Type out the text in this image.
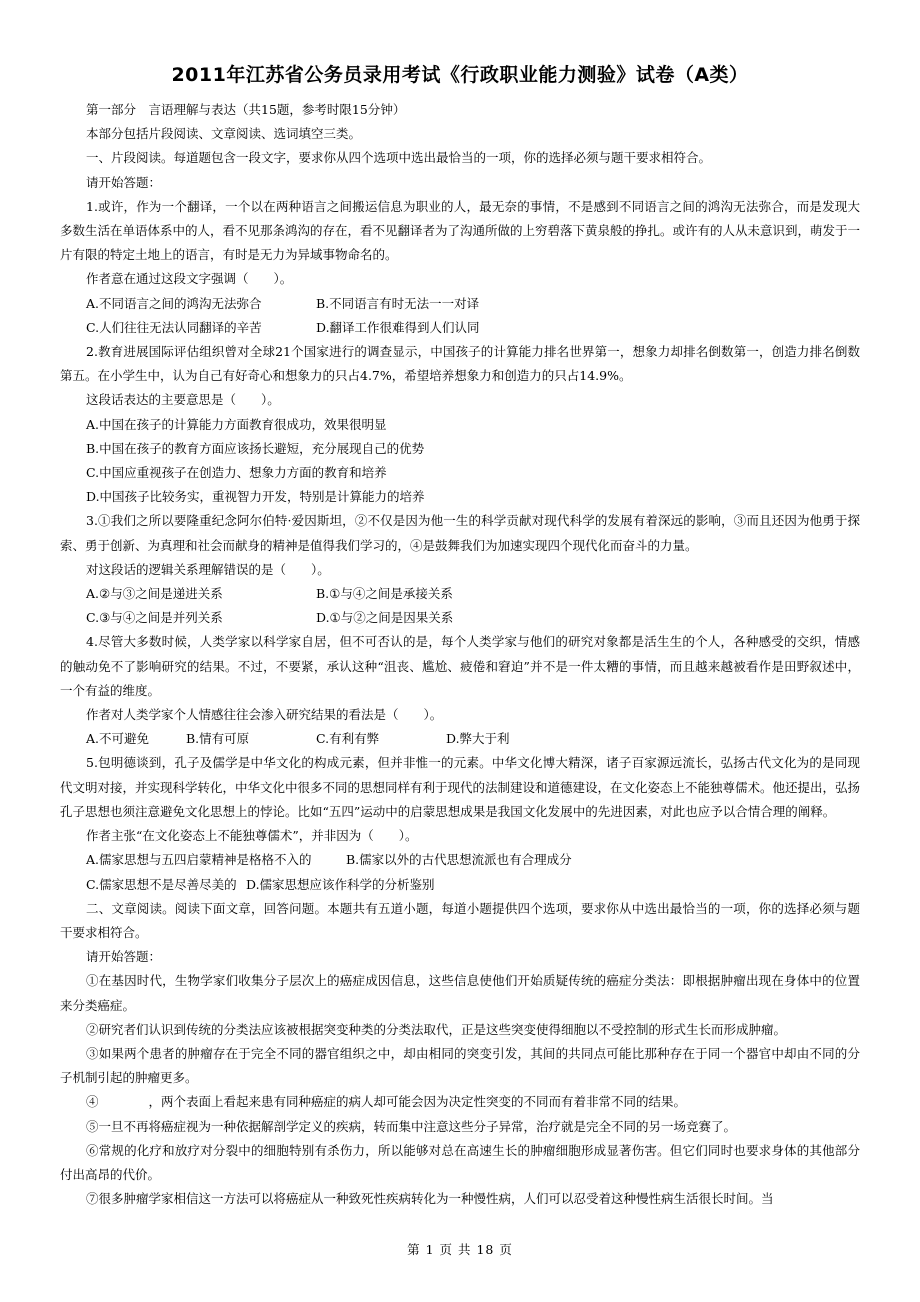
2011年江苏省公务员录用考试《行政职业能力测验》试卷（A类）

第一部分　言语理解与表达（共15题，参考时限15分钟）

本部分包括片段阅读、文章阅读、选词填空三类。

一、片段阅读。每道题包含一段文字，要求你从四个选项中选出最恰当的一项，你的选择必须与题干要求相符合。

请开始答题：

1.或许，作为一个翻译，一个以在两种语言之间搬运信息为职业的人，最无奈的事情，不是感到不同语言之间的鸿沟无法弥合，而是发现大多数生活在单语体系中的人，看不见那条鸿沟的存在，看不见翻译者为了沟通所做的上穷碧落下黄泉般的挣扎。或许有的人从未意识到，萌发于一片有限的特定土地上的语言，有时是无力为异域事物命名的。

作者意在通过这段文字强调（　　）。

A.不同语言之间的鸿沟无法弥合	B.不同语言有时无法一一对译
C.人们往往无法认同翻译的辛苦	D.翻译工作很难得到人们认同

2.教育进展国际评估组织曾对全球21个国家进行的调查显示，中国孩子的计算能力排名世界第一，想象力却排名倒数第一，创造力排名倒数第五。在小学生中，认为自己有好奇心和想象力的只占4.7%，希望培养想象力和创造力的只占14.9%。

这段话表达的主要意思是（　　）。

A.中国在孩子的计算能力方面教育很成功，效果很明显
B.中国在孩子的教育方面应该扬长避短，充分展现自己的优势
C.中国应重视孩子在创造力、想象力方面的教育和培养
D.中国孩子比较务实，重视智力开发，特别是计算能力的培养

3.①我们之所以要隆重纪念阿尔伯特·爱因斯坦，②不仅是因为他一生的科学贡献对现代科学的发展有着深远的影响，③而且还因为他勇于探索、勇于创新、为真理和社会而献身的精神是值得我们学习的，④是鼓舞我们为加速实现四个现代化而奋斗的力量。

对这段话的逻辑关系理解错误的是（　　）。

A.②与③之间是递进关系	B.①与④之间是承接关系
C.③与④之间是并列关系	D.①与②之间是因果关系

4.尽管大多数时候，人类学家以科学家自居，但不可否认的是，每个人类学家与他们的研究对象都是活生生的个人，各种感受的交织，情感的触动免不了影响研究的结果。不过，不要紧，承认这种“沮丧、尴尬、疲倦和窘迫”并不是一件太糟的事情，而且越来越被看作是田野叙述中，一个有益的维度。

作者对人类学家个人情感往往会渗入研究结果的看法是（　　）。

A.不可避免	B.情有可原	C.有利有弊	D.弊大于利

5.包明德谈到，孔子及儒学是中华文化的构成元素，但并非惟一的元素。中华文化博大精深，诸子百家源远流长，弘扬古代文化为的是同现代文明对接，并实现科学转化，中华文化中很多不同的思想同样有利于现代的法制建设和道德建设，在文化姿态上不能独尊儒术。他还提出，弘扬孔子思想也须注意避免文化思想上的悖论。比如“五四”运动中的启蒙思想成果是我国文化发展中的先进因素，对此也应予以合情合理的阐释。

作者主张“在文化姿态上不能独尊儒术”，并非因为（　　）。

A.儒家思想与五四启蒙精神是格格不入的	B.儒家以外的古代思想流派也有合理成分
C.儒家思想不是尽善尽美的 D.儒家思想应该作科学的分析鉴别

二、文章阅读。阅读下面文章，回答问题。本题共有五道小题，每道小题提供四个选项，要求你从中选出最恰当的一项，你的选择必须与题干要求相符合。

请开始答题：

①在基因时代，生物学家们收集分子层次上的癌症成因信息，这些信息使他们开始质疑传统的癌症分类法：即根据肿瘤出现在身体中的位置来分类癌症。

②研究者们认识到传统的分类法应该被根据突变种类的分类法取代，正是这些突变使得细胞以不受控制的形式生长而形成肿瘤。

③如果两个患者的肿瘤存在于完全不同的器官组织之中，却由相同的突变引发，其间的共同点可能比那种存在于同一个器官中却由不同的分子机制引起的肿瘤更多。

④　　　　，两个表面上看起来患有同种癌症的病人却可能会因为决定性突变的不同而有着非常不同的结果。

⑤一旦不再将癌症视为一种依据解剖学定义的疾病，转而集中注意这些分子异常，治疗就是完全不同的另一场竞赛了。

⑥常规的化疗和放疗对分裂中的细胞特别有杀伤力，所以能够对总在高速生长的肿瘤细胞形成显著伤害。但它们同时也要求身体的其他部分付出高昂的代价。

⑦很多肿瘤学家相信这一方法可以将癌症从一种致死性疾病转化为一种慢性病，人们可以忍受着这种慢性病生活很长时间。当

第 1 页 共 18 页
